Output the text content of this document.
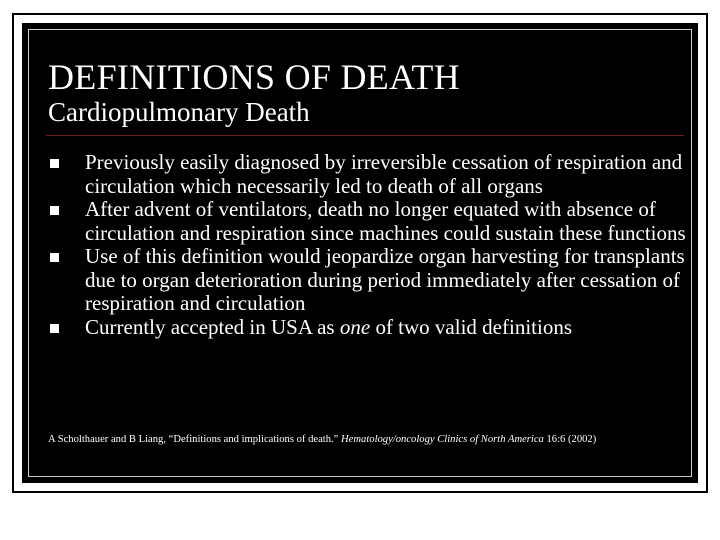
DEFINITIONS OF DEATH
Cardiopulmonary Death
Previously easily diagnosed by irreversible cessation of respiration and circulation which necessarily led to death of all organs
After advent of ventilators, death no longer equated with absence of circulation and respiration since machines could sustain these functions
Use of this definition would jeopardize organ harvesting for transplants due to organ deterioration during period immediately after cessation of respiration and circulation
Currently accepted in USA as one of two valid definitions
A Scholthauer and B Liang, “Definitions and implications of death.” Hematology/oncology Clinics of North America 16:6 (2002)
